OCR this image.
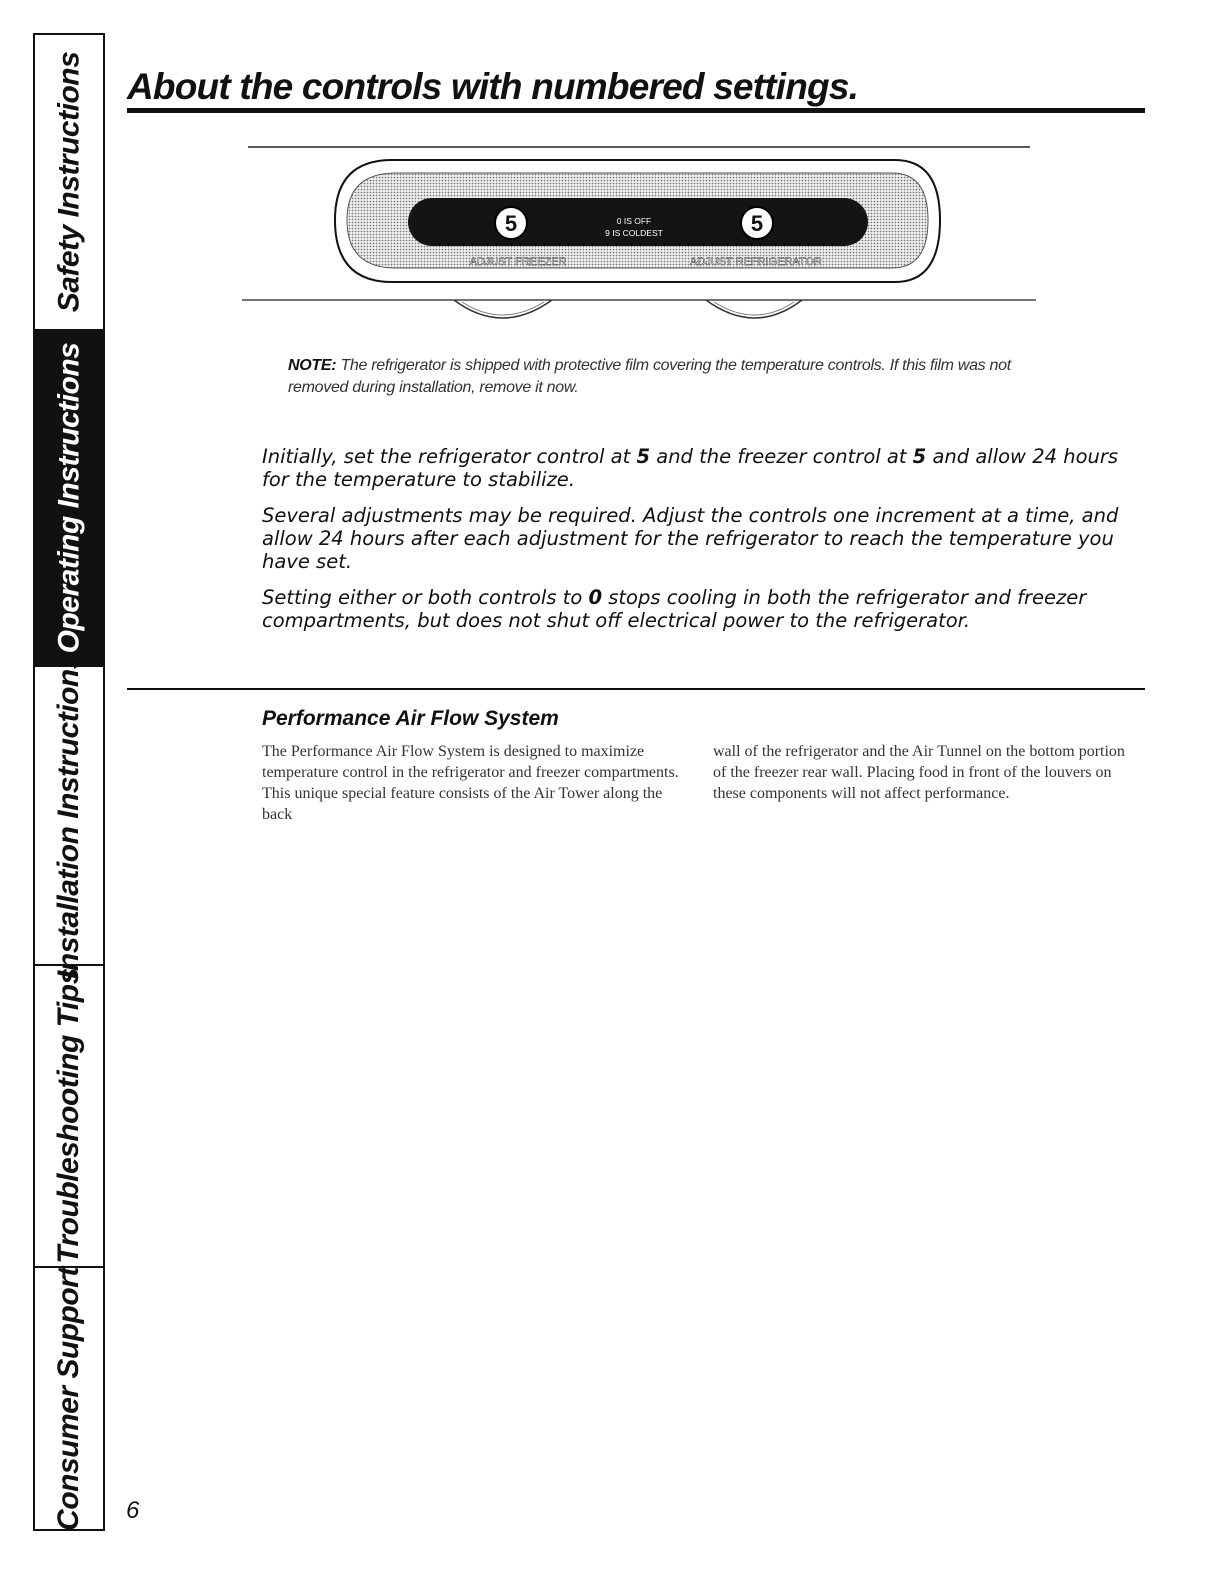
Safety Instructions
Operating Instructions
Installation Instructions
Troubleshooting Tips
Consumer Support
About the controls with numbered settings.
5	5
0 IS OFF
9 IS COLDEST
ADJUST FREEZER	ADJUST REFRIGERATOR
NOTE: The refrigerator is shipped with protective film covering the temperature controls. If this film was not removed during installation, remove it now.

Initially, set the refrigerator control at 5 and the freezer control at 5 and allow 24 hours for the temperature to stabilize.

Several adjustments may be required. Adjust the controls one increment at a time, and allow 24 hours after each adjustment for the refrigerator to reach the temperature you have set.

Setting either or both controls to 0 stops cooling in both the refrigerator and freezer compartments, but does not shut off electrical power to the refrigerator.

Performance Air Flow System

The Performance Air Flow System is designed to maximize temperature control in the refrigerator and freezer compartments. This unique special feature consists of the Air Tower along the back

wall of the refrigerator and the Air Tunnel on the bottom portion of the freezer rear wall. Placing food in front of the louvers on these components will not affect performance.

6
